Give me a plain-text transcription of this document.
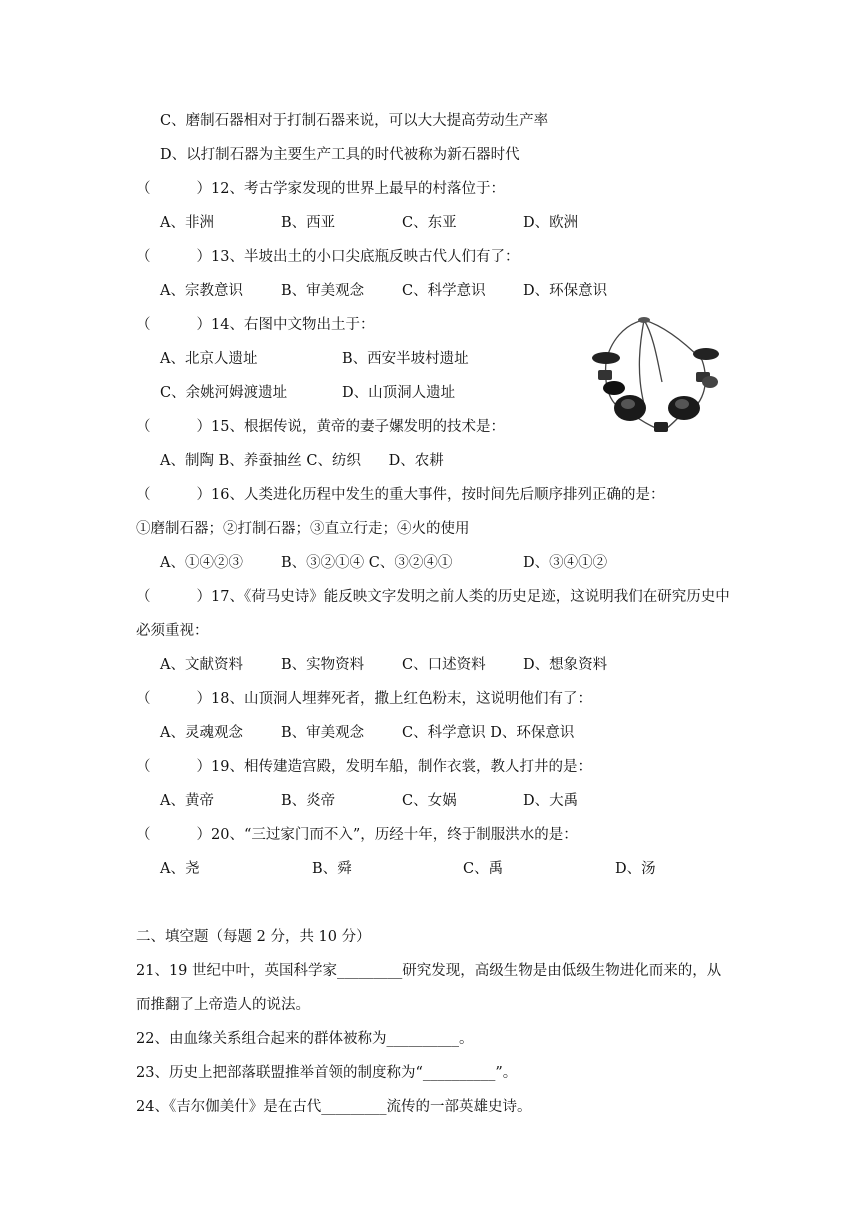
C、磨制石器相对于打制石器来说，可以大大提高劳动生产率
D、以打制石器为主要生产工具的时代被称为新石器时代
（	）12、考古学家发现的世界上最早的村落位于：
A、非洲	B、西亚	C、东亚	D、欧洲
（	）13、半坡出土的小口尖底瓶反映古代人们有了：
A、宗教意识	B、审美观念	C、科学意识	D、环保意识
（	）14、右图中文物出土于：
A、北京人遗址	B、西安半坡村遗址
C、余姚河姆渡遗址	D、山顶洞人遗址
（	）15、根据传说，黄帝的妻子嫘发明的技术是：
A、制陶 B、养蚕抽丝 C、纺织      D、农耕
（	）16、人类进化历程中发生的重大事件，按时间先后顺序排列正确的是：
①磨制石器；②打制石器；③直立行走；④火的使用
A、①④②③	B、③②①④ C、③②④①	D、③④①②
（	）17、《荷马史诗》能反映文字发明之前人类的历史足迹，这说明我们在研究历史中
必须重视：
A、文献资料	B、实物资料	C、口述资料	D、想象资料
（	）18、山顶洞人埋葬死者，撒上红色粉末，这说明他们有了：
A、灵魂观念	B、审美观念	C、科学意识 D、环保意识
（	）19、相传建造宫殿，发明车船，制作衣裳，教人打井的是：
A、黄帝	B、炎帝	C、女娲	D、大禹
（	）20、“三过家门而不入”，历经十年，终于制服洪水的是：
A、尧	B、舜	C、禹	D、汤
二、填空题（每题 2 分，共 10 分）
21、19 世纪中叶，英国科学家_________研究发现，高级生物是由低级生物进化而来的，从
而推翻了上帝造人的说法。
22、由血缘关系组合起来的群体被称为__________。
23、历史上把部落联盟推举首领的制度称为“__________”。
24、《吉尔伽美什》是在古代_________流传的一部英雄史诗。
